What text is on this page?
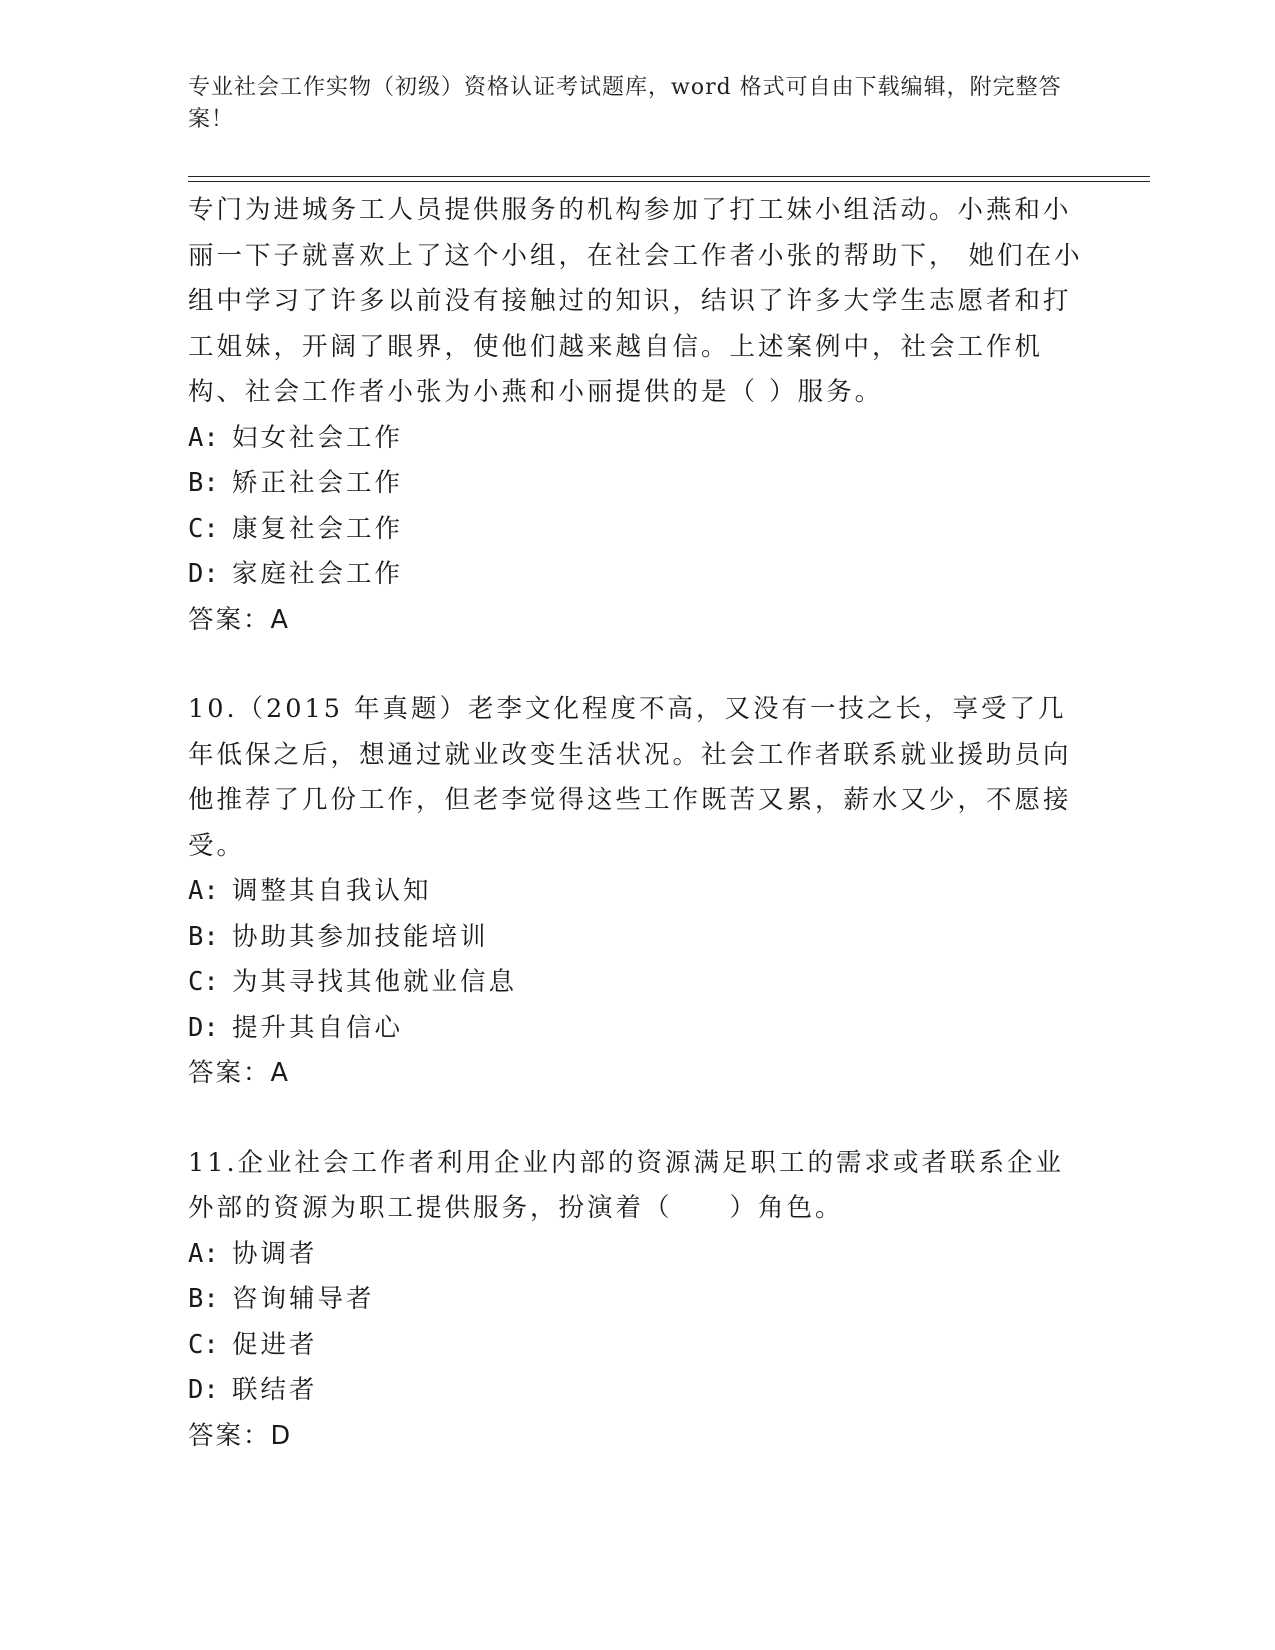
专业社会工作实物（初级）资格认证考试题库，word 格式可自由下载编辑，附完整答案！

专门为进城务工人员提供服务的机构参加了打工妹小组活动。小燕和小丽一下子就喜欢上了这个小组，在社会工作者小张的帮助下， 她们在小组中学习了许多以前没有接触过的知识，结识了许多大学生志愿者和打工姐妹，开阔了眼界，使他们越来越自信。上述案例中，社会工作机构、社会工作者小张为小燕和小丽提供的是（ ）服务。

A: 妇女社会工作
B: 矫正社会工作
C: 康复社会工作
D: 家庭社会工作

答案：A

10.（2015 年真题）老李文化程度不高，又没有一技之长，享受了几年低保之后，想通过就业改变生活状况。社会工作者联系就业援助员向他推荐了几份工作，但老李觉得这些工作既苦又累，薪水又少，不愿接受。

A: 调整其自我认知
B: 协助其参加技能培训
C: 为其寻找其他就业信息
D: 提升其自信心

答案：A

11.企业社会工作者利用企业内部的资源满足职工的需求或者联系企业外部的资源为职工提供服务，扮演着（　　）角色。

A: 协调者
B: 咨询辅导者
C: 促进者
D: 联结者

答案：D
